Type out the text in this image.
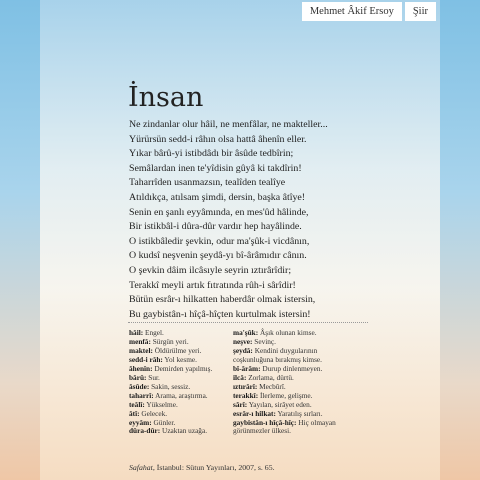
Mehmet Âkif Ersoy	Şiir
İnsan
Ne zindanlar olur hâil, ne menfâlar, ne makteller...
Yürürsün sedd-i râhın olsa hattâ âhenîn eller.
Yıkar bârû-yi istibdâdı bir âsûde tedbîrin;
Semâlardan inen te'yîdisin gûyâ ki takdîrin!
Taharrîden usanmazsın, tealîden tealîye
Atıldıkça, atılsam şimdi, dersin, başka âtîye!
Senin en şanlı eyyâmında, en mes'ûd hâlinde,
Bir istikbâl-i dûra-dûr vardır hep hayâlinde.
O istikbâledir şevkin, odur ma'şûk-i vicdânın,
O kudsî neşvenin şeydâ-yı bî-ârâmıdır cânın.
O şevkin dâim ilcâsıyle seyrin ıztırârîdir;
Terakkî meyli artık fıtratında rûh-i sârîdir!
Bütün esrâr-ı hilkatten haberdâr olmak istersin,
Bu gaybistân-ı hîçâ-hîçten kurtulmak istersin!
hâil: Engel.
menfâ: Sürgün yeri.
maktel: Öldürülme yeri.
sedd-i râh: Yol kesme.
âhenîn: Demirden yapılmış.
bârû: Sur.
âsûde: Sakin, sessiz.
taharrî: Arama, araştırma.
teâlî: Yükselme.
âtî: Gelecek.
eyyâm: Günler.
dûra-dûr: Uzaktan uzağa.
ma'şûk: Âşık olunan kimse.
neşve: Sevinç.
şeydâ: Kendini duygularının coşkunluğuna bırakmış kimse.
bî-ârâm: Durup dinlenmeyen.
ilcâ: Zorlama, dürtü.
ıztırârî: Mecbûrî.
terakkî: İlerleme, gelişme.
sârî: Yayılan, sirâyet eden.
esrâr-ı hilkat: Yaratılış sırları.
gaybistân-ı hîçâ-hîç: Hiç olmayan görünmezler ülkesi.
Safahat, İstanbul: Sütun Yayınları, 2007, s. 65.
